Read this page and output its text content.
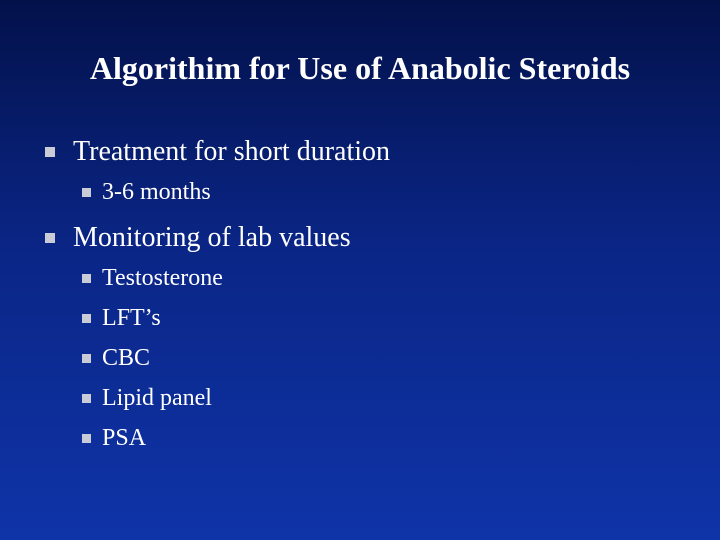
Algorithim for Use of Anabolic Steroids
Treatment for short duration
3-6 months
Monitoring of lab values
Testosterone
LFT’s
CBC
Lipid panel
PSA
